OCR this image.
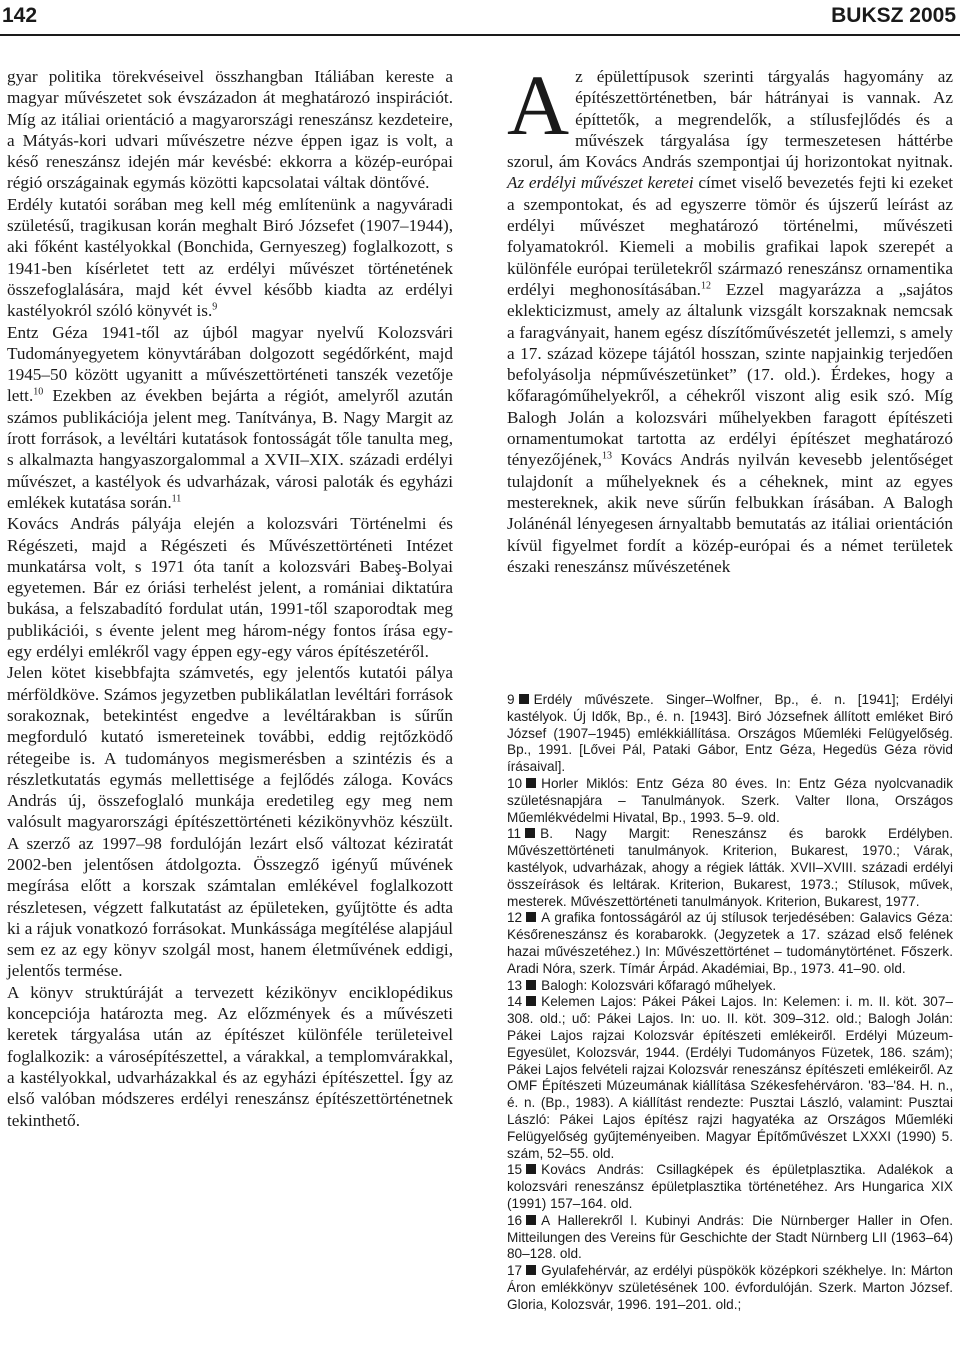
142	BUKSZ 2005

gyar politika törekvéseivel összhangban Itáliában kereste a magyar művészetet sok évszázadon át meghatározó inspirációt. Míg az itáliai orientáció a magyarországi reneszánsz kezdeteire, a Mátyás-kori udvari művészetre nézve éppen igaz is volt, a késő reneszánsz idején már kevésbé: ekkorra a közép-európai régió országainak egymás közötti kapcsolatai váltak döntővé.

Erdély kutatói sorában meg kell még említenünk a nagyváradi születésű, tragikusan korán meghalt Biró Józsefet (1907–1944), aki főként kastélyokkal (Bonchida, Gernyeszeg) foglalkozott, s 1941-ben kísérletet tett az erdélyi művészet történetének összefoglalására, majd két évvel később kiadta az erdélyi kastélyokról szóló könyvét is.$^9$

Entz Géza 1941-től az újból magyar nyelvű Kolozsvári Tudományegyetem könyvtárában dolgozott segédőrként, majd 1945–50 között ugyanitt a művészettörténeti tanszék vezetője lett.$^{10}$ Ezekben az években bejárta a régiót, amelyről azután számos publikációja jelent meg. Tanítványa, B. Nagy Margit az írott források, a levéltári kutatások fontosságát tőle tanulta meg, s alkalmazta hangyaszorgalommal a XVII–XIX. századi erdélyi művészet, a kastélyok és udvarházak, városi paloták és egyházi emlékek kutatása során.$^{11}$

Kovács András pályája elején a kolozsvári Történelmi és Régészeti, majd a Régészeti és Művészettörténeti Intézet munkatársa volt, s 1971 óta tanít a kolozsvári Babeş-Bolyai egyetemen. Bár ez óriási terhelést jelent, a romániai diktatúra bukása, a felszabadító fordulat után, 1991-től szaporodtak meg publikációi, s évente jelent meg három-négy fontos írása egy-egy erdélyi emlékről vagy éppen egy-egy város építészetéről.

Jelen kötet kisebbfajta számvetés, egy jelentős kutatói pálya mérföldköve. Számos jegyzetben publikálatlan levéltári források sorakoznak, betekintést engedve a levéltárakban is sűrűn megforduló kutató ismereteinek további, eddig rejtőzködő rétegeibe is. A tudományos megismerésben a szintézis és a részletkutatás egymás mellettisége a fejlődés záloga. Kovács András új, összefoglaló munkája eredetileg egy meg nem valósult magyarországi építészettörténeti kézikönyvhöz készült. A szerző az 1997–98 fordulóján lezárt első változat kéziratát 2002-ben jelentősen átdolgozta. Összegző igényű művének megírása előtt a korszak számtalan emlékével foglalkozott részletesen, végzett falkutatást az épületeken, gyűjtötte és adta ki a rájuk vonatkozó forrásokat. Munkássága megítélése alapjául sem ez az egy könyv szolgál most, hanem életművének eddigi, jelentős termése.

A könyv struktúráját a tervezett kézikönyv enciklopédikus koncepciója határozta meg. Az előzmények és a művészeti keretek tárgyalása után az építészet különféle területeivel foglalkozik: a városépítészettel, a várakkal, a templomvárakkal, a kastélyokkal, udvarházakkal és az egyházi építészettel. Így az első valóban módszeres erdélyi reneszánsz építészettörténetnek tekinthető.

Az épülettípusok szerinti tárgyalás hagyomány az építészettörténetben, bár hátrányai is vannak. Az építtetők, a megrendelők, a stílusfejlődés és a művészek tárgyalása így termeszetesen háttérbe szorul, ám Kovács András szempontjai új horizontokat nyitnak. Az erdélyi művészet keretei címet viselő bevezetés fejti ki ezeket a szempontokat, és ad egyszerre tömör és újszerű leírást az erdélyi művészet meghatározó történelmi, művészeti folyamatokról. Kiemeli a mobilis grafikai lapok szerepét a különféle európai területekről származó reneszánsz ornamentika erdélyi meghonosításában.$^{12}$ Ezzel magyarázza a „sajátos eklekticizmust, amely az általunk vizsgált korszaknak nemcsak a faragványait, hanem egész díszítőművészetét jellemzi, s amely a 17. század közepe tájától hosszan, szinte napjainkig terjedően befolyásolja népművészetünket” (17. old.). Érdekes, hogy a kőfaragóműhelyekről, a céhekről viszont alig esik szó. Míg Balogh Jolán a kolozsvári műhelyekben faragott építészeti ornamentumokat tartotta az erdélyi építészet meghatározó tényezőjének,$^{13}$ Kovács András nyilván kevesebb jelentőséget tulajdonít a műhelyeknek és a céheknek, mint az egyes mestereknek, akik neve sűrűn felbukkan írásában. A Balogh Jolánénál lényegesen árnyaltabb bemutatás az itáliai orientáción kívül figyelmet fordít a közép-európai és a német területek északi reneszánsz művészetének

9 Erdély művészete. Singer–Wolfner, Bp., é. n. [1941]; Erdélyi kastélyok. Új Idők, Bp., é. n. [1943]. Biró Józsefnek állított emléket Biró József (1907–1945) emlékkiállítása. Országos Műemléki Felügyelőség. Bp., 1991. [Lővei Pál, Pataki Gábor, Entz Géza, Hegedüs Géza rövid írásaival].

10 Horler Miklós: Entz Géza 80 éves. In: Entz Géza nyolcvanadik születésnapjára – Tanulmányok. Szerk. Valter Ilona, Országos Műemlékvédelmi Hivatal, Bp., 1993. 5–9. old.

11 B. Nagy Margit: Reneszánsz és barokk Erdélyben. Művészettörténeti tanulmányok. Kriterion, Bukarest, 1970.; Várak, kastélyok, udvarházak, ahogy a régiek látták. XVII–XVIII. századi erdélyi összeírások és leltárak. Kriterion, Bukarest, 1973.; Stílusok, művek, mesterek. Művészettörténeti tanulmányok. Kriterion, Bukarest, 1977.

12 A grafika fontosságáról az új stílusok terjedésében: Galavics Géza: Későreneszánsz és korabarokk. (Jegyzetek a 17. század első felének hazai művészetéhez.) In: Művészettörténet – tudománytörténet. Főszerk. Aradi Nóra, szerk. Tímár Árpád. Akadémiai, Bp., 1973. 41–90. old.

13 Balogh: Kolozsvári kőfaragó műhelyek.

14 Kelemen Lajos: Pákei Pákei Lajos. In: Kelemen: i. m. II. köt. 307–308. old.; uő: Pákei Lajos. In: uo. II. köt. 309–312. old.; Balogh Jolán: Pákei Lajos rajzai Kolozsvár építészeti emlékeiről. Erdélyi Múzeum-Egyesület, Kolozsvár, 1944. (Erdélyi Tudományos Füzetek, 186. szám); Pákei Lajos felvételi rajzai Kolozsvár reneszánsz építészeti emlékeiről. Az OMF Építészeti Múzeumának kiállítása Székesfehérváron. '83–'84. H. n., é. n. (Bp., 1983). A kiállítást rendezte: Pusztai László, valamint: Pusztai László: Pákei Lajos építész rajzi hagyatéka az Országos Műemléki Felügyelőség gyűjteményeiben. Magyar Építőművészet LXXXI (1990) 5. szám, 52–55. old.

15 Kovács András: Csillagképek és épületplasztika. Adalékok a kolozsvári reneszánsz épületplasztika történetéhez. Ars Hungarica XIX (1991) 157–164. old.

16 A Hallerekről l. Kubinyi András: Die Nürnberger Haller in Ofen. Mitteilungen des Vereins für Geschichte der Stadt Nürnberg LII (1963–64) 80–128. old.

17 Gyulafehérvár, az erdélyi püspökök középkori székhelye. In: Márton Áron emlékkönyv születésének 100. évfordulóján. Szerk. Marton József. Gloria, Kolozsvár, 1996. 191–201. old.;
